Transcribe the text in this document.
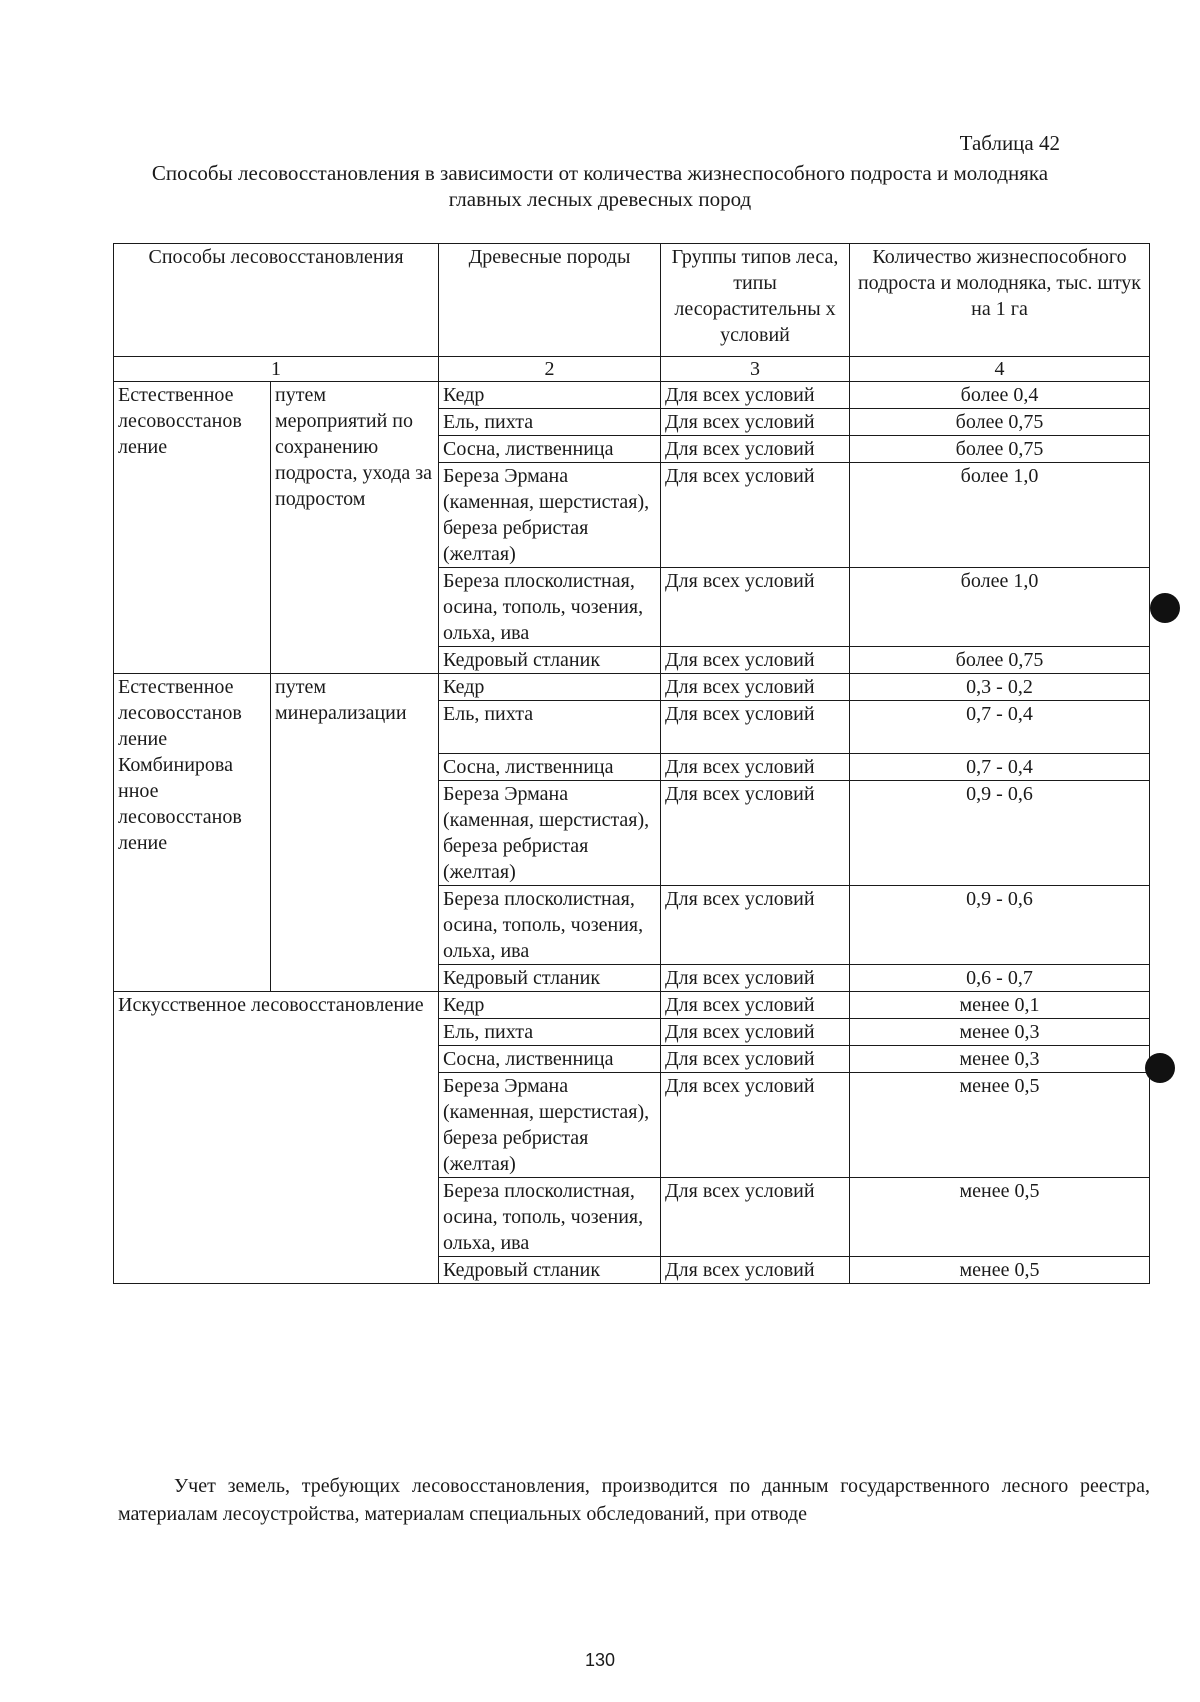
Таблица 42
Способы лесовосстановления в зависимости от количества жизнеспособного подроста и молодняка главных лесных древесных пород
Способы лесовосстановления		Древесные породы	Группы типов леса, типы лесорастительны х условий	Количество жизнеспособного подроста и молодняка, тыс. штук на 1 га
1		2	3	4
Естественное лесовосстанов ление	путем мероприятий по сохранению подроста, ухода за подростом	Кедр	Для всех условий	более 0,4
		Ель, пихта	Для всех условий	более 0,75
		Сосна, лиственница	Для всех условий	более 0,75
		Береза Эрмана (каменная, шерстистая), береза ребристая (желтая)	Для всех условий	более 1,0
		Береза плосколистная, осина, тополь, чозения, ольха, ива	Для всех условий	более 1,0
		Кедровый стланик	Для всех условий	более 0,75
Естественное лесовосстанов ление Комбинирова нное лесовосстанов ление	путем минерализации	Кедр	Для всех условий	0,3 - 0,2
		Ель, пихта	Для всех условий	0,7 - 0,4
		Сосна, лиственница	Для всех условий	0,7 - 0,4
		Береза Эрмана (каменная, шерстистая), береза ребристая (желтая)	Для всех условий	0,9 - 0,6
		Береза плосколистная, осина, тополь, чозения, ольха, ива	Для всех условий	0,9 - 0,6
		Кедровый стланик	Для всех условий	0,6 - 0,7
Искусственное лесовосстановление		Кедр	Для всех условий	менее 0,1
		Ель, пихта	Для всех условий	менее 0,3
		Сосна, лиственница	Для всех условий	менее 0,3
		Береза Эрмана (каменная, шерстистая), береза ребристая (желтая)	Для всех условий	менее 0,5
		Береза плосколистная, осина, тополь, чозения, ольха, ива	Для всех условий	менее 0,5
		Кедровый стланик	Для всех условий	менее 0,5
Учет земель, требующих лесовосстановления, производится по данным государственного лесного реестра, материалам лесоустройства, материалам специальных обследований, при отводе
130
